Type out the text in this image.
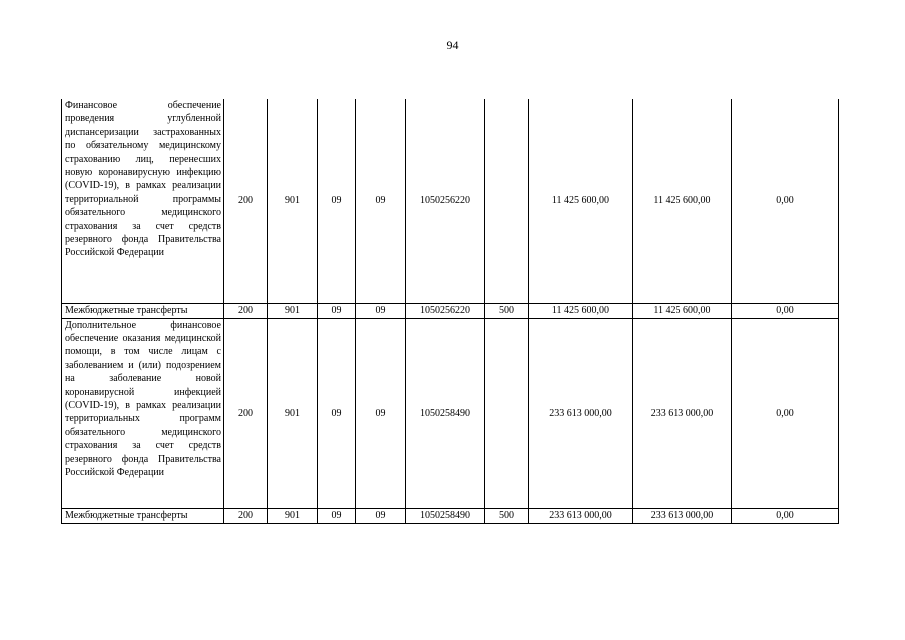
94
Финансовое обеспечение проведения углубленной диспансеризации застрахованных по обязательному медицинскому страхованию лиц, перенесших новую коронавирусную инфекцию (COVID-19), в рамках реализации территориальной программы обязательного медицинского страхования за счет средств резервного фонда Правительства Российской Федерации	200	901	09	09	1050256220		11 425 600,00	11 425 600,00	0,00
Межбюджетные трансферты	200	901	09	09	1050256220	500	11 425 600,00	11 425 600,00	0,00
Дополнительное финансовое обеспечение оказания медицинской помощи, в том числе лицам с заболеванием и (или) подозрением на заболевание новой коронавирусной инфекцией (COVID-19), в рамках реализации территориальных программ обязательного медицинского страхования за счет средств резервного фонда Правительства Российской Федерации	200	901	09	09	1050258490		233 613 000,00	233 613 000,00	0,00
Межбюджетные трансферты	200	901	09	09	1050258490	500	233 613 000,00	233 613 000,00	0,00
